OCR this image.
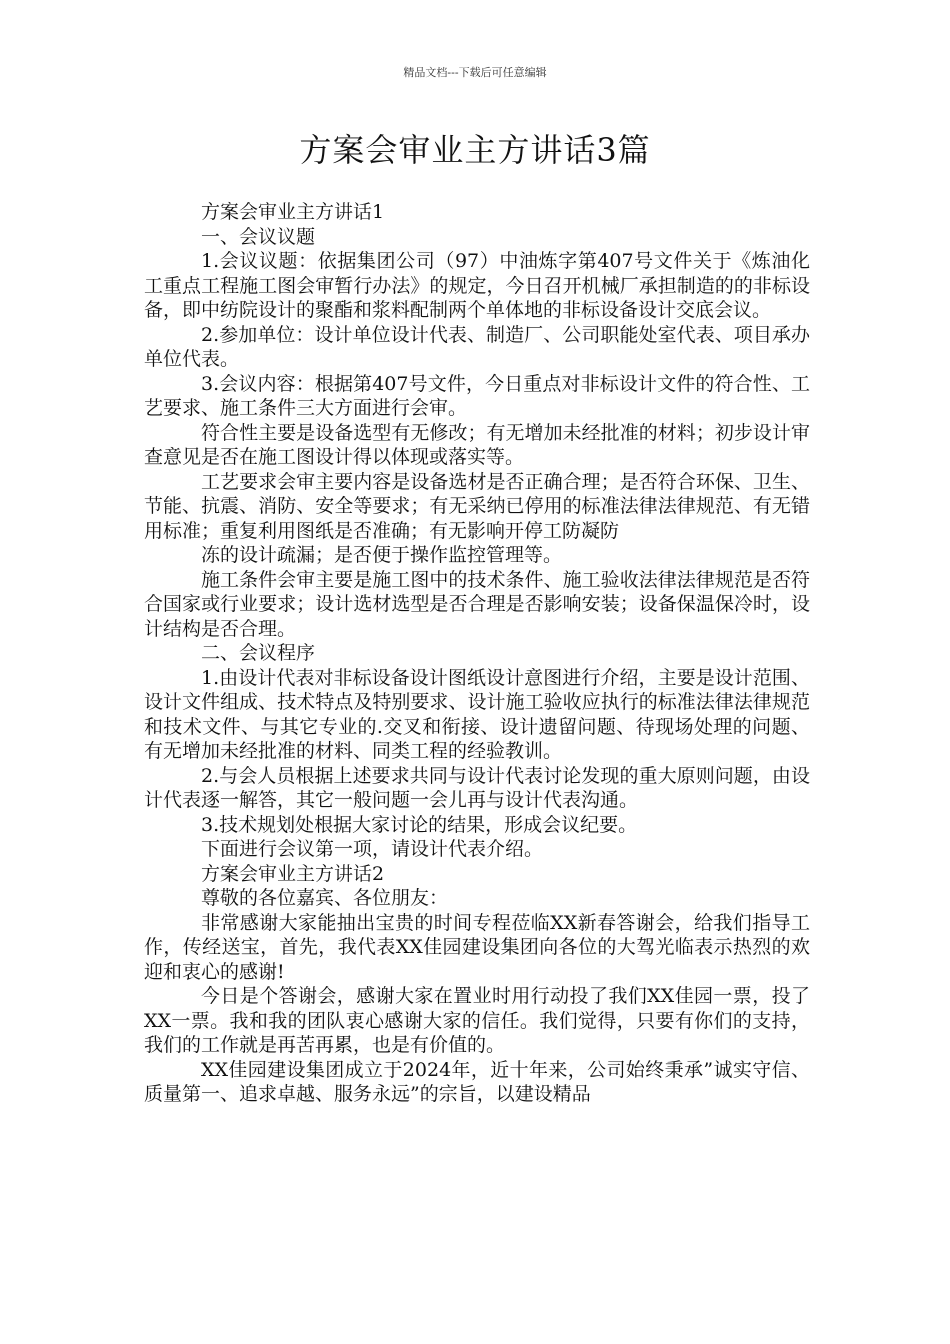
精品文档---下载后可任意编辑
方案会审业主方讲话3篇

方案会审业主方讲话1

一、会议议题

1.会议议题：依据集团公司（97）中油炼字第407号文件关于《炼油化工重点工程施工图会审暂行办法》的规定，今日召开机械厂承担制造的的非标设备，即中纺院设计的聚酯和浆料配制两个单体地的非标设备设计交底会议。

2.参加单位：设计单位设计代表、制造厂、公司职能处室代表、项目承办单位代表。

3.会议内容：根据第407号文件，今日重点对非标设计文件的符合性、工艺要求、施工条件三大方面进行会审。

符合性主要是设备选型有无修改；有无增加未经批准的材料；初步设计审查意见是否在施工图设计得以体现或落实等。

工艺要求会审主要内容是设备选材是否正确合理；是否符合环保、卫生、节能、抗震、消防、安全等要求；有无采纳已停用的标准法律法律规范、有无错用标准；重复利用图纸是否准确；有无影响开停工防凝防

冻的设计疏漏；是否便于操作监控管理等。

施工条件会审主要是施工图中的技术条件、施工验收法律法律规范是否符合国家或行业要求；设计选材选型是否合理是否影响安装；设备保温保冷时，设计结构是否合理。

二、会议程序

1.由设计代表对非标设备设计图纸设计意图进行介绍，主要是设计范围、设计文件组成、技术特点及特别要求、设计施工验收应执行的标准法律法律规范和技术文件、与其它专业的.交叉和衔接、设计遗留问题、待现场处理的问题、有无增加未经批准的材料、同类工程的经验教训。

2.与会人员根据上述要求共同与设计代表讨论发现的重大原则问题，由设计代表逐一解答，其它一般问题一会儿再与设计代表沟通。

3.技术规划处根据大家讨论的结果，形成会议纪要。

下面进行会议第一项，请设计代表介绍。

方案会审业主方讲话2

尊敬的各位嘉宾、各位朋友：

非常感谢大家能抽出宝贵的时间专程莅临XX新春答谢会，给我们指导工作，传经送宝，首先，我代表XX佳园建设集团向各位的大驾光临表示热烈的欢迎和衷心的感谢!

今日是个答谢会，感谢大家在置业时用行动投了我们XX佳园一票，投了XX一票。我和我的团队衷心感谢大家的信任。我们觉得，只要有你们的支持，我们的工作就是再苦再累，也是有价值的。

XX佳园建设集团成立于2024年，近十年来，公司始终秉承”诚实守信、质量第一、追求卓越、服务永远”的宗旨，以建设精品
